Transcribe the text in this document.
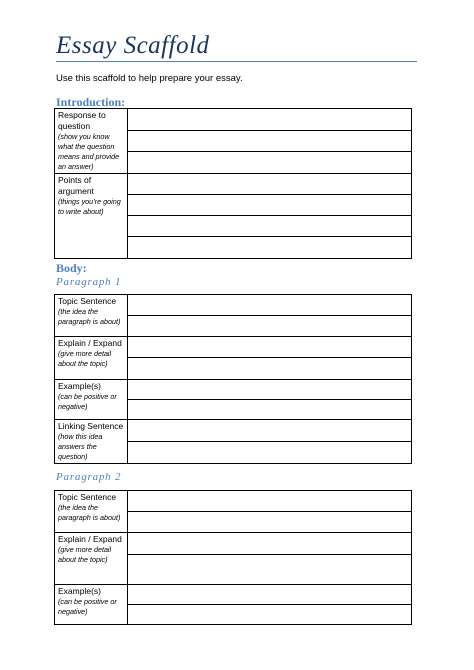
Essay Scaffold
Use this scaffold to help prepare your essay.
Introduction:
Response to question
(show you know what the question means and provide an answer)	

Points of argument
(things you’re going to write about)	

Body:
Paragraph 1
Topic Sentence
(the idea the paragraph is about)	

Explain / Expand
(give more detail about the topic)	

Example(s)
(can be positive or negative)	

Linking Sentence
(how this idea answers the question)	

Paragraph 2
Topic Sentence
(the idea the paragraph is about)	

Explain / Expand
(give more detail about the topic)	

Example(s)
(can be positive or negative)	
